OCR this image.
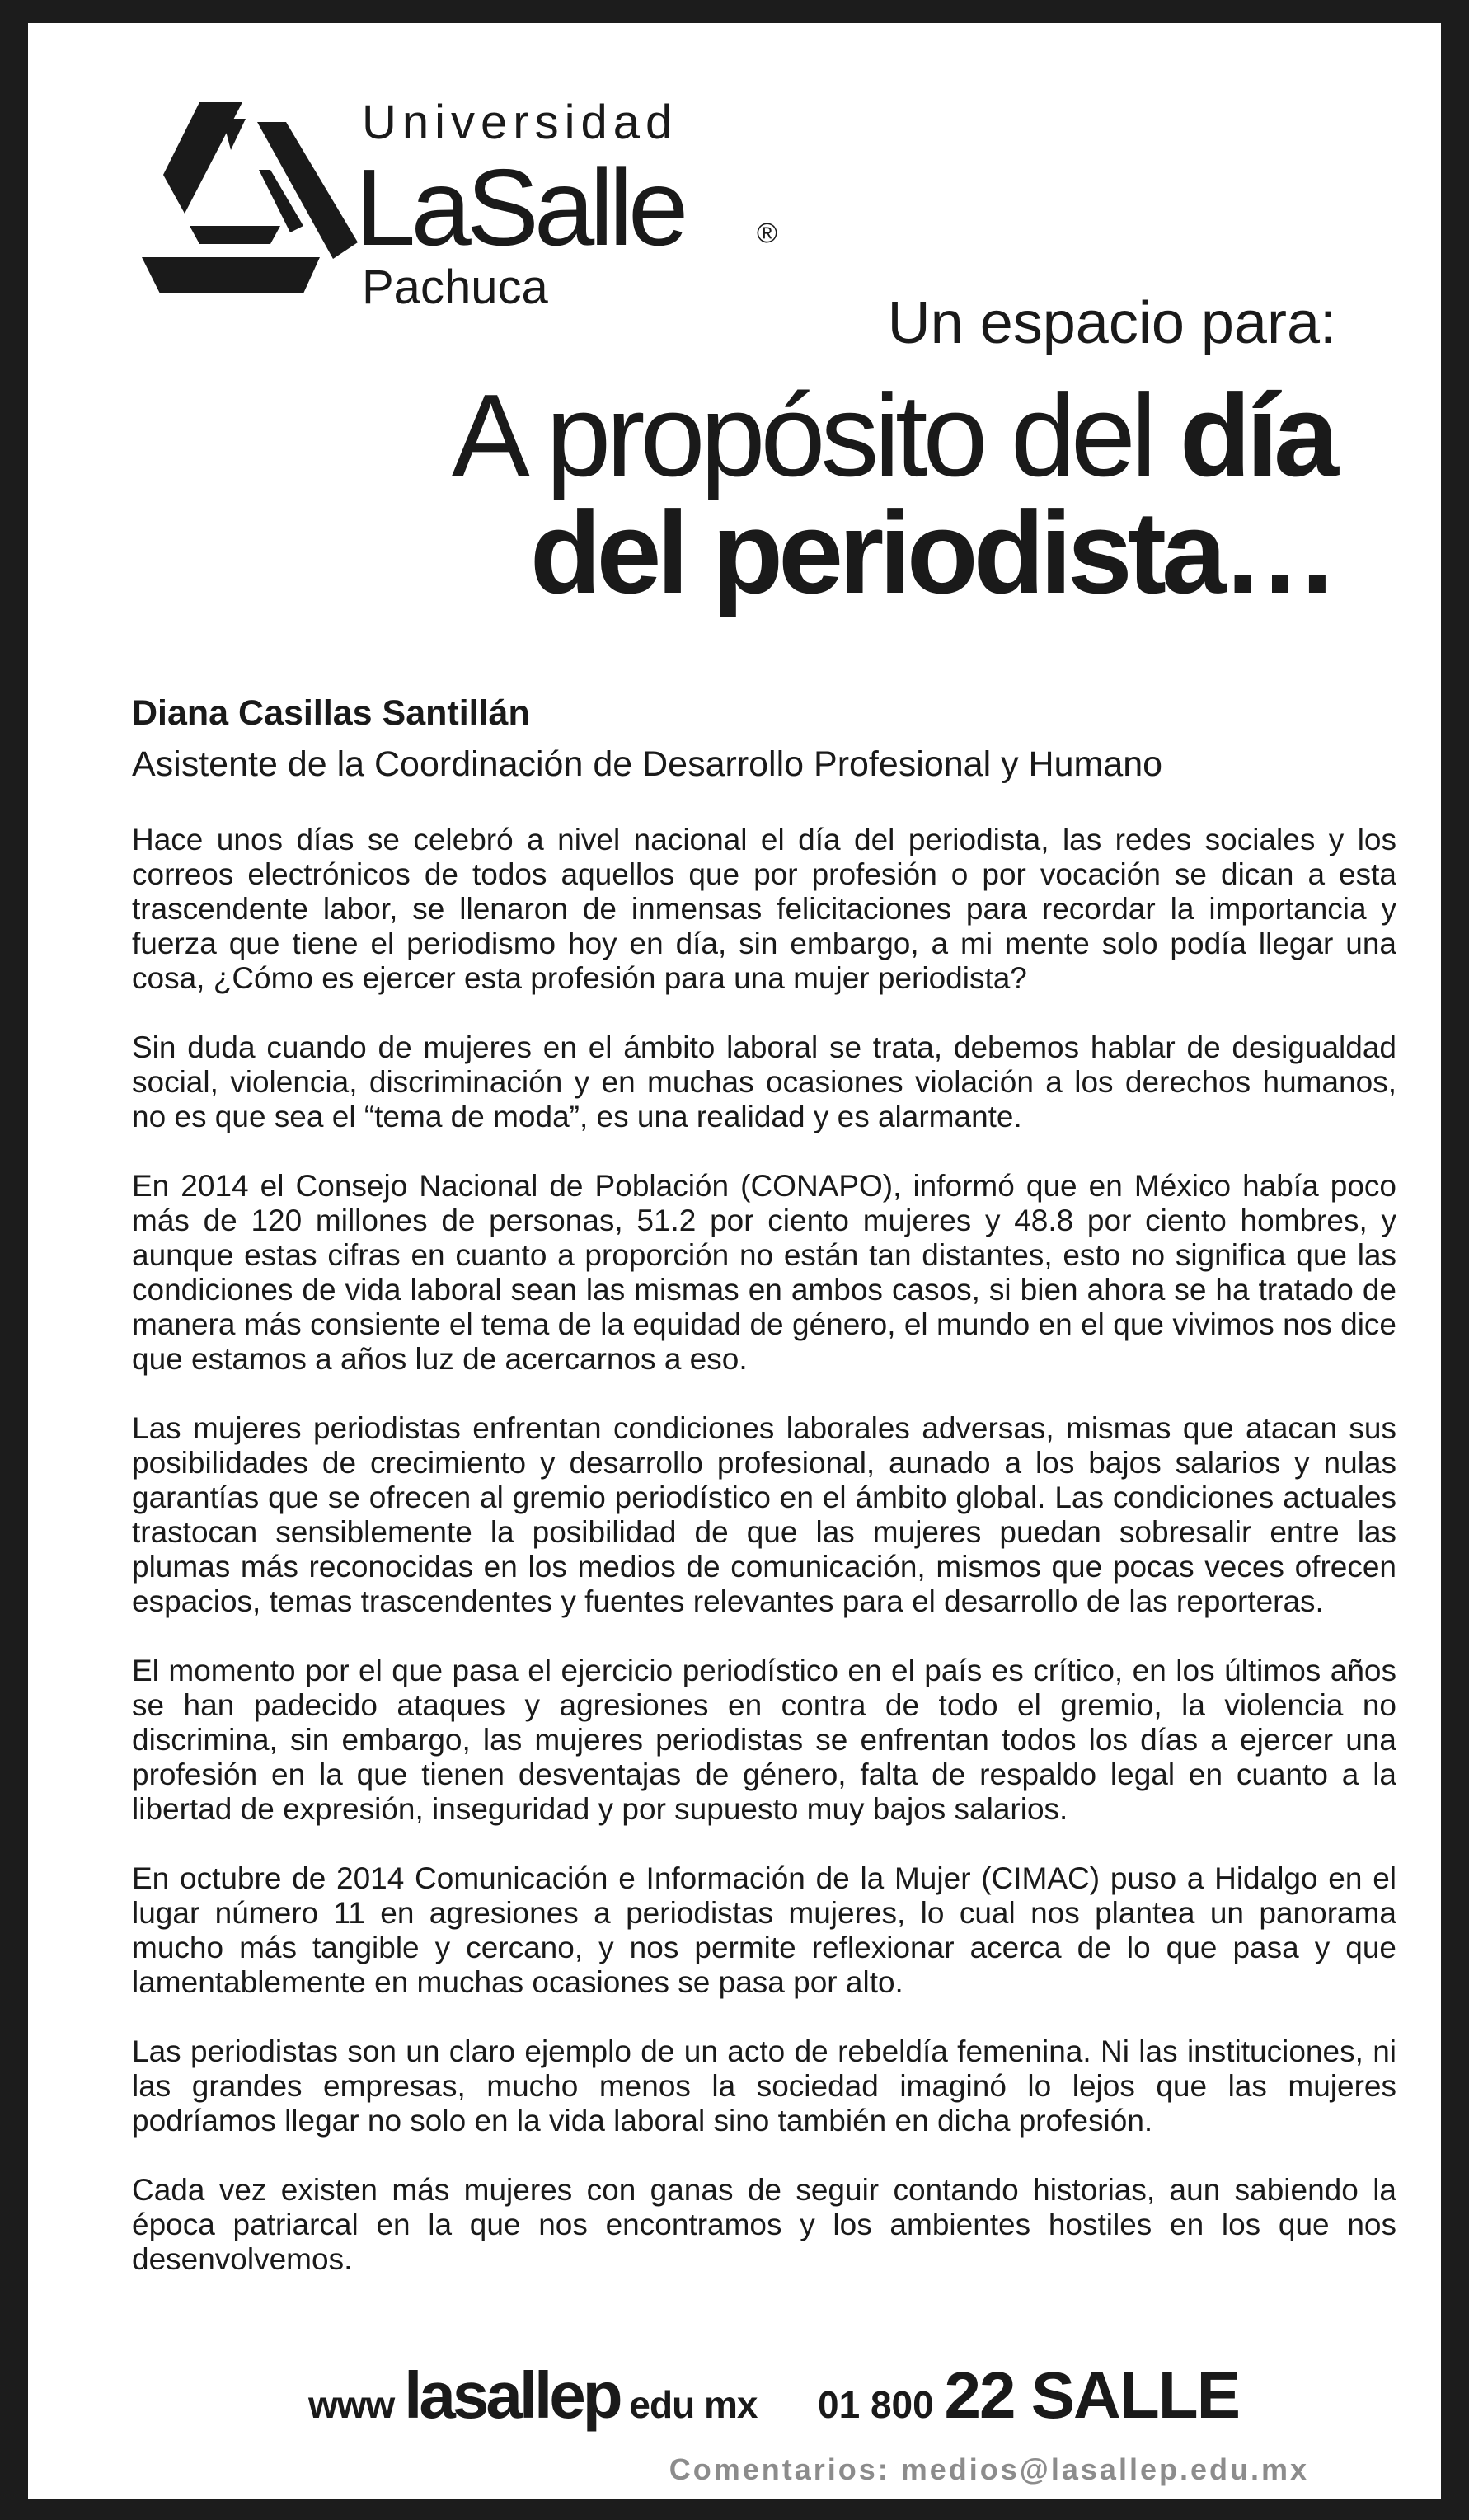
Universidad
LaSalle	®
Pachuca
Un espacio para:
A propósito del día
del periodista…
Diana Casillas Santillán
Asistente de la Coordinación de Desarrollo Profesional y Humano

Hace unos días se celebró a nivel nacional el día del periodista, las redes sociales y los correos electrónicos de todos aquellos que por profesión o por vocación se dican a esta trascendente labor, se llenaron de inmensas felicitaciones para recordar la importancia y fuerza que tiene el periodismo hoy en día, sin embargo, a mi mente solo podía llegar una cosa, ¿Cómo es ejercer esta profesión para una mujer periodista?

Sin duda cuando de mujeres en el ámbito laboral se trata, debemos hablar de desigualdad social, violencia, discriminación y en muchas ocasiones violación a los derechos humanos, no es que sea el “tema de moda”, es una realidad y es alarmante.

En 2014 el Consejo Nacional de Población (CONAPO), informó que en México había poco más de 120 millones de personas, 51.2 por ciento mujeres y 48.8 por ciento hombres, y aunque estas cifras en cuanto a proporción no están tan distantes, esto no significa que las condiciones de vida laboral sean las mismas en ambos casos, si bien ahora se ha tratado de manera más consiente el tema de la equidad de género, el mundo en el que vivimos nos dice que estamos a años luz de acercarnos a eso.

Las mujeres periodistas enfrentan condiciones laborales adversas, mismas que atacan sus posibilidades de crecimiento y desarrollo profesional, aunado a los bajos salarios y nulas garantías que se ofrecen al gremio periodístico en el ámbito global. Las condiciones actuales trastocan sensiblemente la posibilidad de que las mujeres puedan sobresalir entre las plumas más reconocidas en los medios de comunicación, mismos que pocas veces ofrecen espacios, temas trascendentes y fuentes relevantes para el desarrollo de las reporteras.

El momento por el que pasa el ejercicio periodístico en el país es crítico, en los últimos años se han padecido ataques y agresiones en contra de todo el gremio, la violencia no discrimina, sin embargo, las mujeres periodistas se enfrentan todos los días a ejercer una profesión en la que tienen desventajas de género, falta de respaldo legal en cuanto a la libertad de expresión, inseguridad y por supuesto muy bajos salarios.

En octubre de 2014 Comunicación e Información de la Mujer (CIMAC) puso a Hidalgo en el lugar número 11 en agresiones a periodistas mujeres, lo cual nos plantea un panorama mucho más tangible y cercano, y nos permite reflexionar acerca de lo que pasa y que lamentablemente en muchas ocasiones se pasa por alto.

Las periodistas son un claro ejemplo de un acto de rebeldía femenina. Ni las instituciones, ni las grandes empresas, mucho menos la sociedad imaginó lo lejos que las mujeres podríamos llegar no solo en la vida laboral sino también en dicha profesión.

Cada vez existen más mujeres con ganas de seguir contando historias, aun sabiendo la época patriarcal en la que nos encontramos y los ambientes hostiles en los que nos desenvolvemos.

www lasallep edu mx 01 800 22 SALLE
Comentarios: medios@lasallep.edu.mx
